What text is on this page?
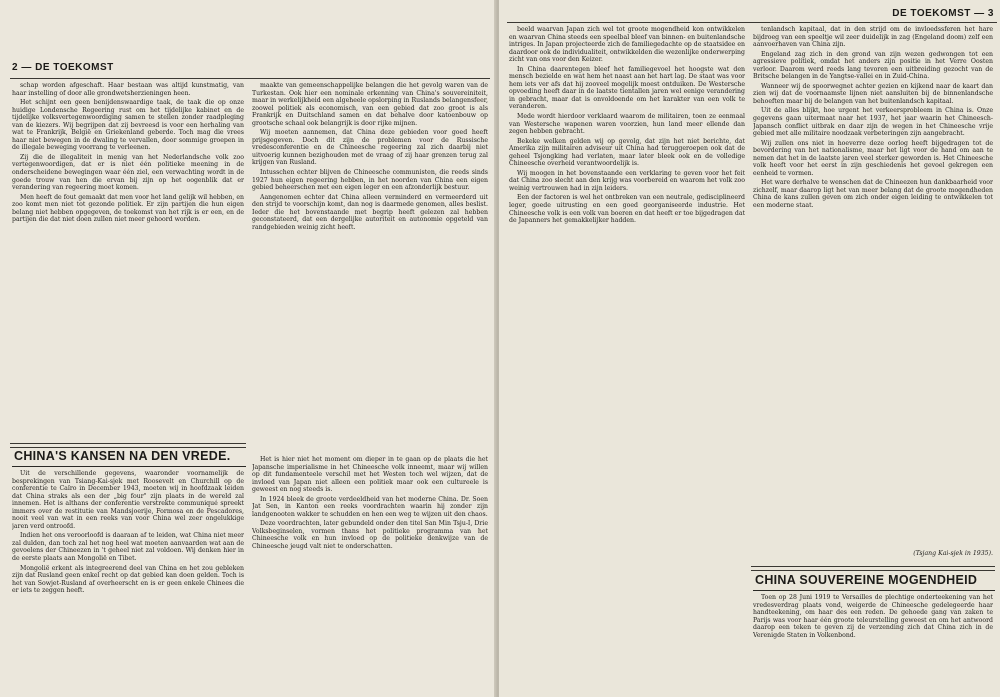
2 — DE TOEKOMST

schap worden afgeschaft. Haar bestaan was altijd kunstmatig, van haar instelling of door alle grondwetsherzieningen heen.

Het schijnt een geen benijdenswaardige taak, de taak die op onze huidige Londensche Regeering rust om het tijdelijke kabinet en de tijdelijke volksvertegenwoordiging samen te stellen zonder raadpleging van de kiezers. Wij begrijpen dat zij bevreesd is voor een herhaling van wat te Frankrijk, België en Griekenland geberde. Toch mag die vrees haar niet bewegen in de dwaling te vervallen, door sommige groepen in de illegale beweging voorrang te verleenen.

Zij die de illegaliteit in menig van het Nederlandsche volk zoo vertegenwoordigen, dat er is niet één politieke meening in de onderscheidene bewegingen waar één ziel, een verwachting wordt in de goede trouw van hen die ervan bij zijn op het oogenblik dat er verandering van regeering moet komen.

Men heeft de fout gemaakt dat men voor het land gelijk wil hebben, en zoo komt men niet tot gezonde politiek. Er zijn partijen die hun eigen belang niet hebben opgegeven, de toekomst van het rijk is er een, en de partijen die dat niet doen zullen niet meer gehoord worden.

maakte van gemeenschappelijke belangen die het gevolg waren van de Turkestan. Ook hier een nominale erkenning van China's souvereiniteit, maar in werkelijkheid een algeheele opslorping in Ruslands belangensfeer, zoowel politiek als economisch, van een gebied dat zoo groot is als Frankrijk en Duitschland samen en dat behalve door katoenbouw op grootsche schaal ook belangrijk is door rijke mijnen.

Wij moeten aannemen, dat China deze gebieden voor goed heeft prijsgegeven. Doch dit zijn de problemen voor de Russische vredesconferentie en de Chineesche regeering zal zich daarbij niet uitvoerig kunnen bezighouden met de vraag of zij haar grenzen terug zal krijgen van Rusland.

Intusschen echter blijven de Chineesche communisten, die reeds sinds 1927 hun eigen regeering hebben, in het noorden van China een eigen gebied beheerschen met een eigen leger en een afzonderlijk bestuur.

Aangenomen echter dat China alleen verminderd en vermeerderd uit den strijd te voorschijn komt, dan nog is daarmede genomen, alles beslist. Ieder die het bovenstaande met begrip heeft gelezen zal hebben geconstateerd, dat een dergelijke autoriteit en autonomie opgeteld van randgebieden weinig zicht heeft.

CHINA'S KANSEN NA DEN VREDE.

Uit de verschillende gegevens, waaronder voornamelijk de besprekingen van Tsiang-Kai-sjek met Roosevelt en Churchill op de conferentie te Caïro in December 1943, moeten wij in hoofdzaak leiden dat China straks als een der „big four" zijn plaats in de wereld zal innemen. Het is althans der conferentie verstrekte communiqué spreekt immers over de restitutie van Mandsjoerije, Formosa en de Pescadores, nooit veel van wat in een reeks van voor China wel zeer ongelukkige jaren verd ontroofd.

Indien het ons veroorloofd is daaraan af te leiden, wat China niet meer zal dulden, dan toch zal het nog heel wat moeten aanvaarden wat aan de gevoelens der Chineezen in 't geheel niet zal voldoen. Wij denken hier in de eerste plaats aan Mongolië en Tibet.

Mongolië erkent als integreerend deel van China en het zou gebleken zijn dat Rusland geen enkel recht op dat gebied kan doen gelden. Toch is het van Sowjet-Rusland af overheerscht en is er geen enkele Chinees die er iets te zeggen heeft.

Het is hier niet het moment om dieper in te gaan op de plaats die het Japansche imperialisme in het Chineesche volk inneemt, maar wij willen op dit fundamenteele verschil met het Westen toch wel wijzen, dat de invloed van Japan niet alleen een politiek maar ook een cultureele is geweest en nog steeds is.

In 1924 bleek de groote verdeeldheid van het moderne China. Dr. Soen Jat Sen, in Kanton een reeks voordrachten waarin hij zonder zijn landgenooten wakker te schudden en hen een weg te wijzen uit den chaos.

Deze voordrachten, later gebundeld onder den titel San Min Tsju-I, Drie Volksbeginselen, vormen thans het politieke programma van het Chineesche volk en hun invloed op de politieke denkwijze van de Chineesche jeugd valt niet te onderschatten.

DE TOEKOMST — 3

beeld waarvan Japan zich wel tot groote mogendheid kon ontwikkelen en waarvan China steeds een speelbal bleef van binnen- en buitenlandsche intriges. In Japan projecteerde zich de familiegedachte op de staatsidee en daardoor ook de individualiteit, ontwikkelden die wezenlijke onderwerping zicht van ons voor den Keizer.

In China daarentegen bleef het familiegevoel het hoogste wat den mensch bezielde en wat hem het naast aan het hart lag. De staat was voor hem iets ver afs dat hij zooveel mogelijk moest ontduiken. De Westersche opvoeding heeft daar in de laatste tientallen jaren wel eenige verandering in gebracht, maar dat is onvoldoende om het karakter van een volk te veranderen.

Mede wordt hierdoor verklaard waarom de militairen, toen ze eenmaal van Westersche wapenen waren voorzien, hun land meer ellende dan zegen hebben gebracht.

Bekeke welken gelden wij op gevolg, dat zijn het niet berichte, dat Amerika zijn militairen adviseur uit China had teruggeroepen ook dat de geheel Tsjongking had verlaten, maar later bleek ook en de volledige Chineesche overheid verantwoordelijk is.

Wij moogen in het bovenstaande een verklaring te geven voor het feit dat China zoo slecht aan den krijg was voorbereid en waarom het volk zoo weinig vertrouwen had in zijn leiders.

Een der factoren is wel het ontbreken van een neutrale, gedisciplineerd leger, goede uitrusting en een goed georganiseerde industrie. Het Chineesche volk is een volk van boeren en dat heeft er toe bijgedragen dat de Japanners het gemakkelijker hadden.

tenlandsch kapitaal, dat in den strijd om de invloedssferen het hare bijdroeg van een speeltje wil zeer duidelijk in zag (Engeland doom) zelf een aanvoerhaven van China zijn.

Engeland zag zich in den grond van zijn wezen gedwongen tot een agressieve politiek, omdat het anders zijn positie in het Verre Oosten verloor. Daarom werd reeds lang tevoren een uitbreiding gezocht van de Britsche belangen in de Yangtse-vallei en in Zuid-China.

Wanneer wij de spoorwegnet achter gezien en kijkend naar de kaart dan zien wij dat de voornaamste lijnen niet aansluiten bij de binnenlandsche behoeften maar bij de belangen van het buitenlandsch kapitaal.

Uit de alles blijkt, hoe urgent het verkeersprobleem in China is. Onze gegevens gaan uitermaat naar het 1937, het jaar waarin het Chineesch-Japansch conflict uitbrak en daar zijn de wegen in het Chineesche vrije gebied met alle militaire noodzaak verbeteringen zijn aangebracht.

Wij zullen ons niet in hoeverre deze oorlog heeft bijgedragen tot de bevordering van het nationalisme, maar het ligt voor de hand om aan te nemen dat het in de laatste jaren veel sterker geworden is. Het Chineesche volk heeft voor het eerst in zijn geschiedenis het gevoel gekregen een eenheid te vormen.

Het ware derhalve te wenschen dat de Chineezen hun dankbaarheid voor zichzelf, maar daarop ligt het van meer belang dat de groote mogendheden China de kans zullen geven om zich onder eigen leiding te ontwikkelen tot een moderne staat.

(Tsjang Kai-sjek in 1935).
CHINA SOUVEREINE MOGENDHEID

Toen op 28 Juni 1919 te Versailles de plechtige onderteekening van het vredesverdrag plaats vond, weigerde de Chineesche gedelegeerde haar handteekening, om haar des een reden. De gehoede gang van zaken te Parijs was voor haar één groote teleurstelling geweest en om het antwoord daarop een teken te geven zij de verzending zich dat China zich in de Verenigde Staten in Volkenbond.
